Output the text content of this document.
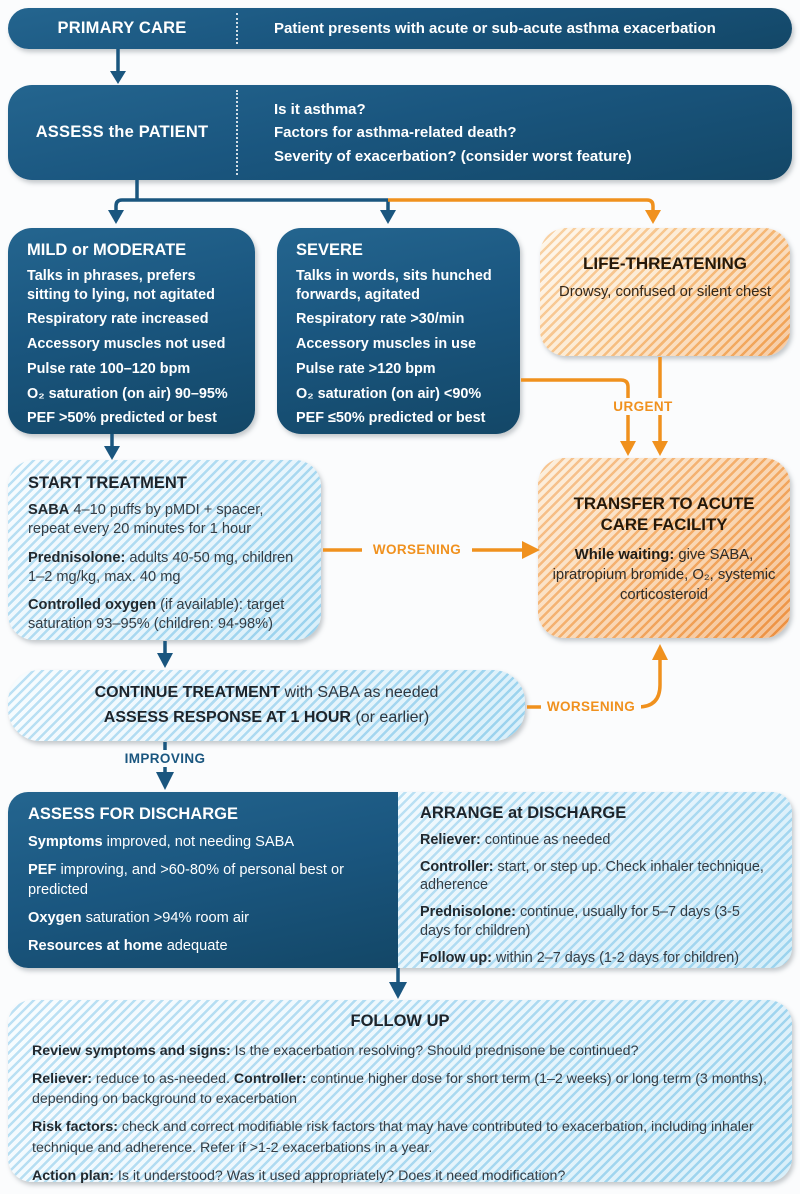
PRIMARY CARE	Patient presents with acute or sub-acute asthma exacerbation
ASSESS the PATIENT
Is it asthma?
Factors for asthma-related death?
Severity of exacerbation? (consider worst feature)
MILD or MODERATE
Talks in phrases, prefers sitting to lying, not agitated
Respiratory rate increased
Accessory muscles not used
Pulse rate 100–120 bpm
O₂ saturation (on air) 90–95%
PEF >50% predicted or best
SEVERE
Talks in words, sits hunched forwards, agitated
Respiratory rate >30/min
Accessory muscles in use
Pulse rate >120 bpm
O₂ saturation (on air) <90%
PEF ≤50% predicted or best
LIFE-THREATENING
Drowsy, confused or silent chest
START TREATMENT

SABA 4–10 puffs by pMDI + spacer, repeat every 20 minutes for 1 hour

Prednisolone: adults 40-50 mg, children 1–2 mg/kg, max. 40 mg

Controlled oxygen (if available): target saturation 93–95% (children: 94-98%)

TRANSFER TO ACUTE CARE FACILITY
While waiting: give SABA, ipratropium bromide, O₂, systemic corticosteroid
CONTINUE TREATMENT with SABA as needed
ASSESS RESPONSE AT 1 HOUR (or earlier)
ASSESS FOR DISCHARGE

Symptoms improved, not needing SABA

PEF improving, and >60-80% of personal best or predicted

Oxygen saturation >94% room air

Resources at home adequate

ARRANGE at DISCHARGE

Reliever: continue as needed

Controller: start, or step up. Check inhaler technique, adherence

Prednisolone: continue, usually for 5–7 days (3-5 days for children)

Follow up: within 2–7 days (1-2 days for children)

FOLLOW UP

Review symptoms and signs: Is the exacerbation resolving? Should prednisone be continued?

Reliever: reduce to as-needed. Controller: continue higher dose for short term (1–2 weeks) or long term (3 months), depending on background to exacerbation

Risk factors: check and correct modifiable risk factors that may have contributed to exacerbation, including inhaler technique and adherence. Refer if >1-2 exacerbations in a year.

Action plan: Is it understood? Was it used appropriately? Does it need modification?

URGENT
WORSENING
WORSENING
IMPROVING
